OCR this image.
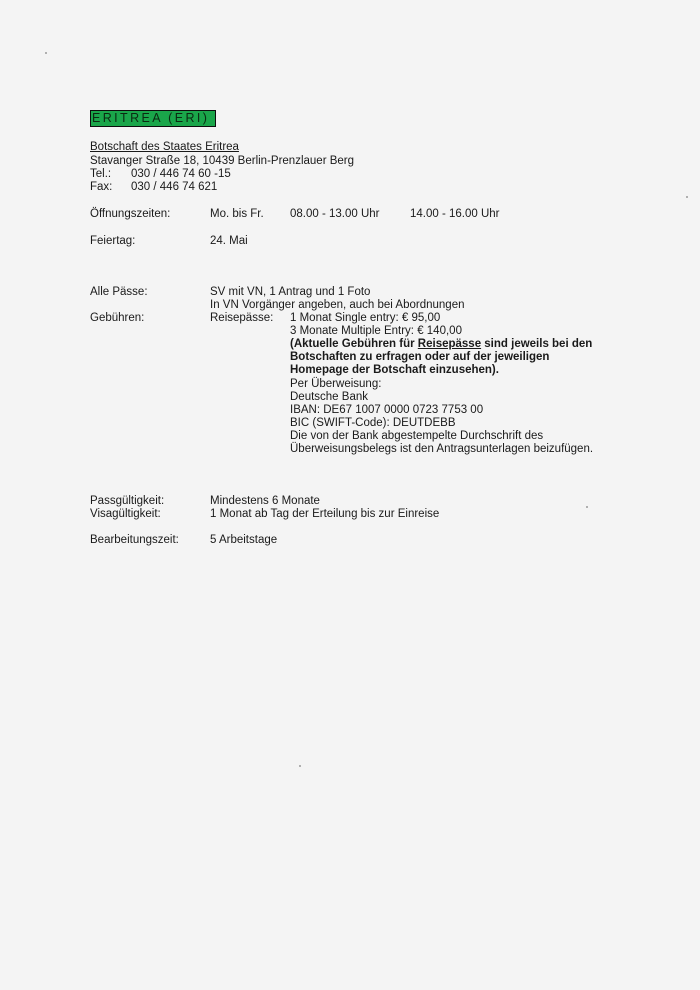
ERITREA (ERI)
Botschaft des Staates Eritrea
Stavanger Straße 18, 10439 Berlin-Prenzlauer Berg
Tel.: 030 / 446 74 60 -15
Fax: 030 / 446 74 621
Öffnungszeiten:	Mo. bis Fr. 08.00 - 13.00 Uhr	14.00 - 16.00 Uhr
Feiertag:	24. Mai
Alle Pässe:	SV mit VN, 1 Antrag und 1 Foto
In VN Vorgänger angeben, auch bei Abordnungen
Gebühren:	Reisepässe: 1 Monat Single entry: € 95,00
3 Monate Multiple Entry: € 140,00
(Aktuelle Gebühren für Reisepässe sind jeweils bei den
Botschaften zu erfragen oder auf der jeweiligen
Homepage der Botschaft einzusehen).
Per Überweisung:
Deutsche Bank
IBAN: DE67 1007 0000 0723 7753 00
BIC (SWIFT-Code): DEUTDEBB
Die von der Bank abgestempelte Durchschrift des
Überweisungsbelegs ist den Antragsunterlagen beizufügen.
Passgültigkeit:	Mindestens 6 Monate
Visagültigkeit:	1 Monat ab Tag der Erteilung bis zur Einreise
Bearbeitungszeit:	5 Arbeitstage
